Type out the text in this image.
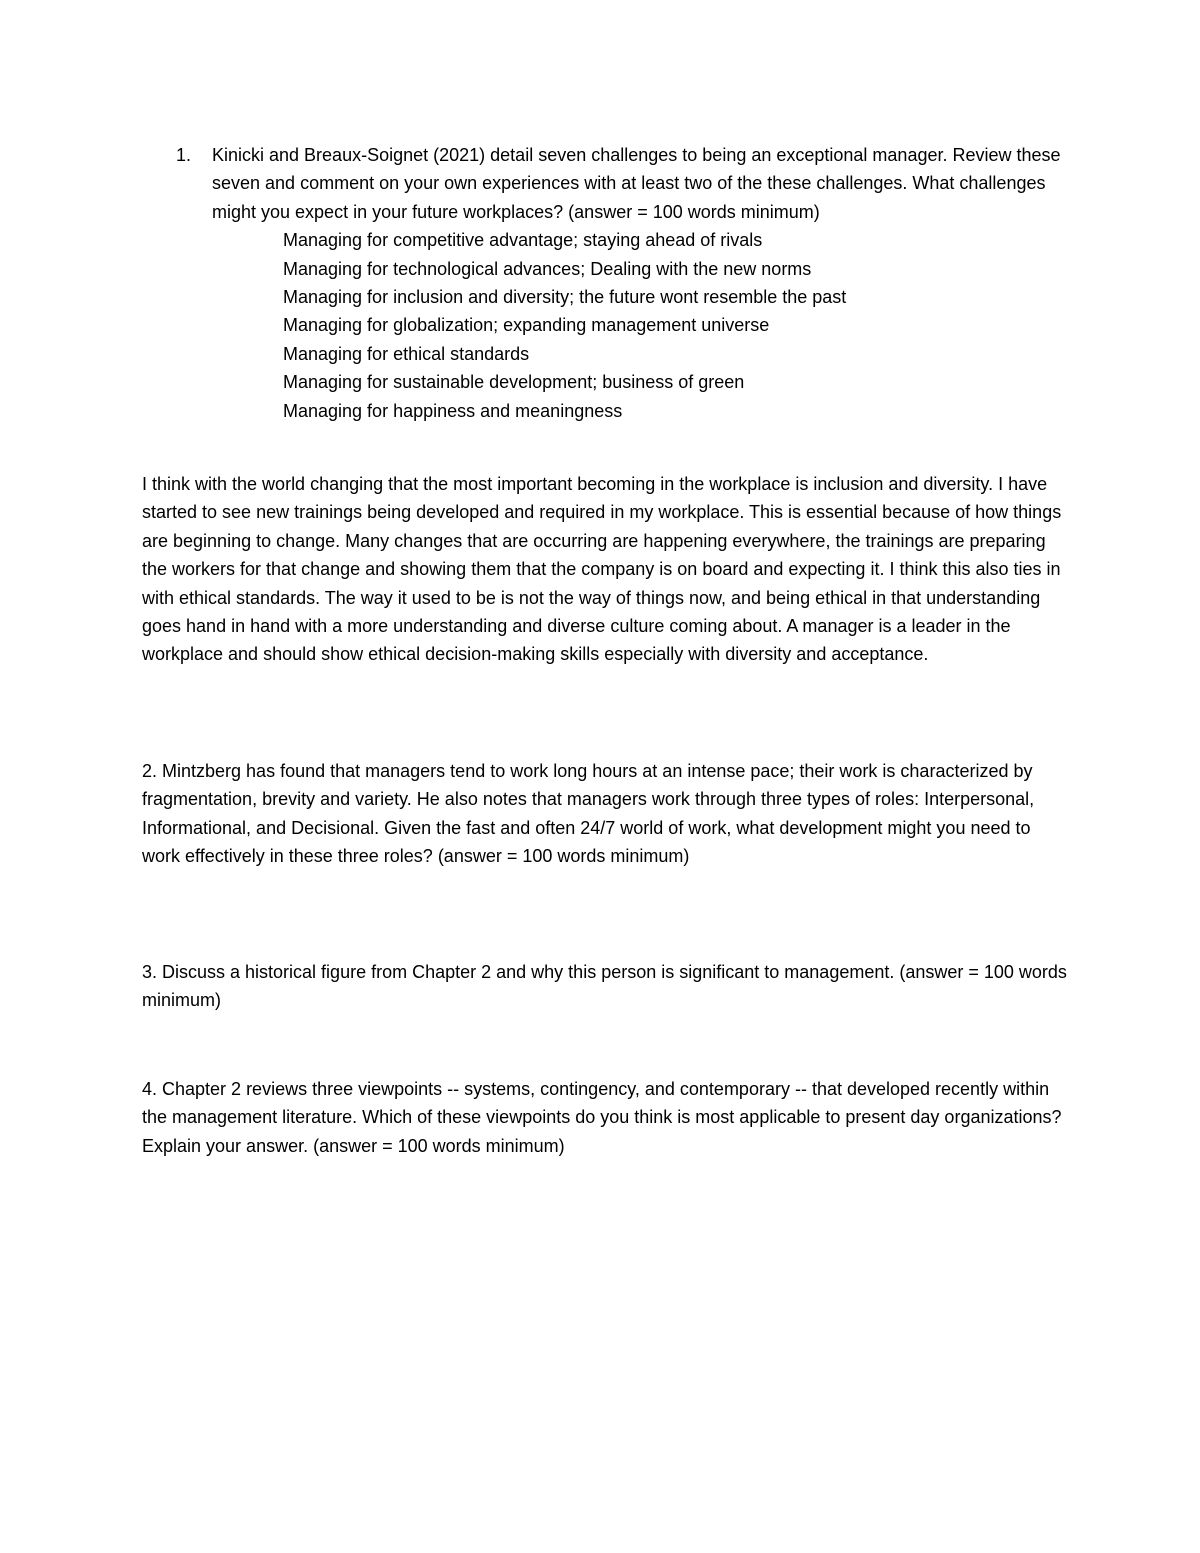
1.	Kinicki and Breaux-Soignet (2021) detail seven challenges to being an exceptional manager. Review these seven and comment on your own experiences with at least two of the these challenges. What challenges might you expect in your future workplaces? (answer = 100 words minimum)
Managing for competitive advantage; staying ahead of rivals
Managing for technological advances; Dealing with the new norms
Managing for inclusion and diversity; the future wont resemble the past
Managing for globalization; expanding management universe
Managing for ethical standards
Managing for sustainable development; business of green
Managing for happiness and meaningness

I think with the world changing that the most important becoming in the workplace is inclusion and diversity. I have started to see new trainings being developed and required in my workplace. This is essential because of how things are beginning to change. Many changes that are occurring are happening everywhere, the trainings are preparing the workers for that change and showing them that the company is on board and expecting it. I think this also ties in with ethical standards. The way it used to be is not the way of things now, and being ethical in that understanding goes hand in hand with a more understanding and diverse culture coming about. A manager is a leader in the workplace and should show ethical decision-making skills especially with diversity and acceptance.

2. Mintzberg has found that managers tend to work long hours at an intense pace; their work is characterized by fragmentation, brevity and variety. He also notes that managers work through three types of roles: Interpersonal, Informational, and Decisional. Given the fast and often 24/7 world of work, what development might you need to work effectively in these three roles? (answer = 100 words minimum)

3. Discuss a historical figure from Chapter 2 and why this person is significant to management. (answer = 100 words minimum)

4. Chapter 2 reviews three viewpoints -- systems, contingency, and contemporary -- that developed recently within the management literature. Which of these viewpoints do you think is most applicable to present day organizations? Explain your answer. (answer = 100 words minimum)
